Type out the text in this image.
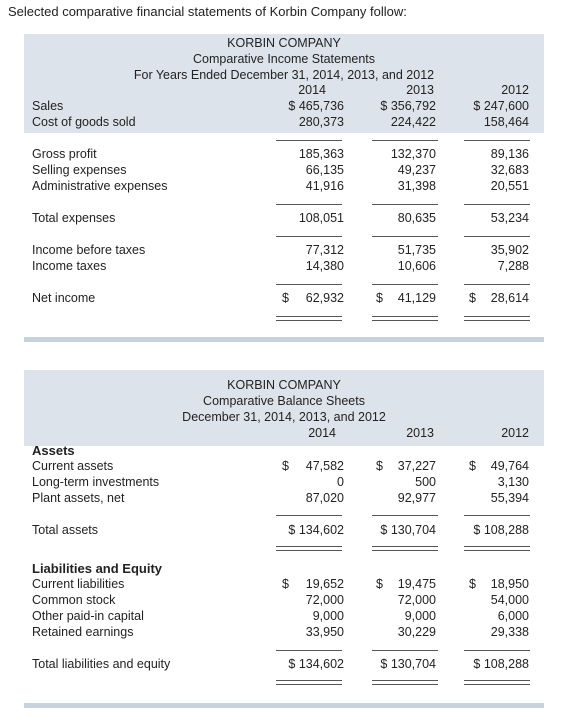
Selected comparative financial statements of Korbin Company follow:
KORBIN COMPANY
Comparative Income Statements
For Years Ended December 31, 2014, 2013, and 2012
2014	2013	2012
Sales	$ 465,736	$ 356,792	$ 247,600
Cost of goods sold	280,373	224,422	158,464
Gross profit	185,363	132,370	89,136
Selling expenses	66,135	49,237	32,683
Administrative expenses	41,916	31,398	20,551
Total expenses	108,051	80,635	53,234
Income before taxes	77,312	51,735	35,902
Income taxes	14,380	10,606	7,288
Net income	$ 62,932	$ 41,129	$ 28,614
KORBIN COMPANY
Comparative Balance Sheets
December 31, 2014, 2013, and 2012
2014	2013	2012
Assets
Current assets	$ 47,582	$ 37,227	$ 49,764
Long-term investments	0	500	3,130
Plant assets, net	87,020	92,977	55,394
Total assets	$ 134,602	$ 130,704	$ 108,288
Liabilities and Equity
Current liabilities	$ 19,652	$ 19,475	$ 18,950
Common stock	72,000	72,000	54,000
Other paid-in capital	9,000	9,000	6,000
Retained earnings	33,950	30,229	29,338
Total liabilities and equity	$ 134,602	$ 130,704	$ 108,288
